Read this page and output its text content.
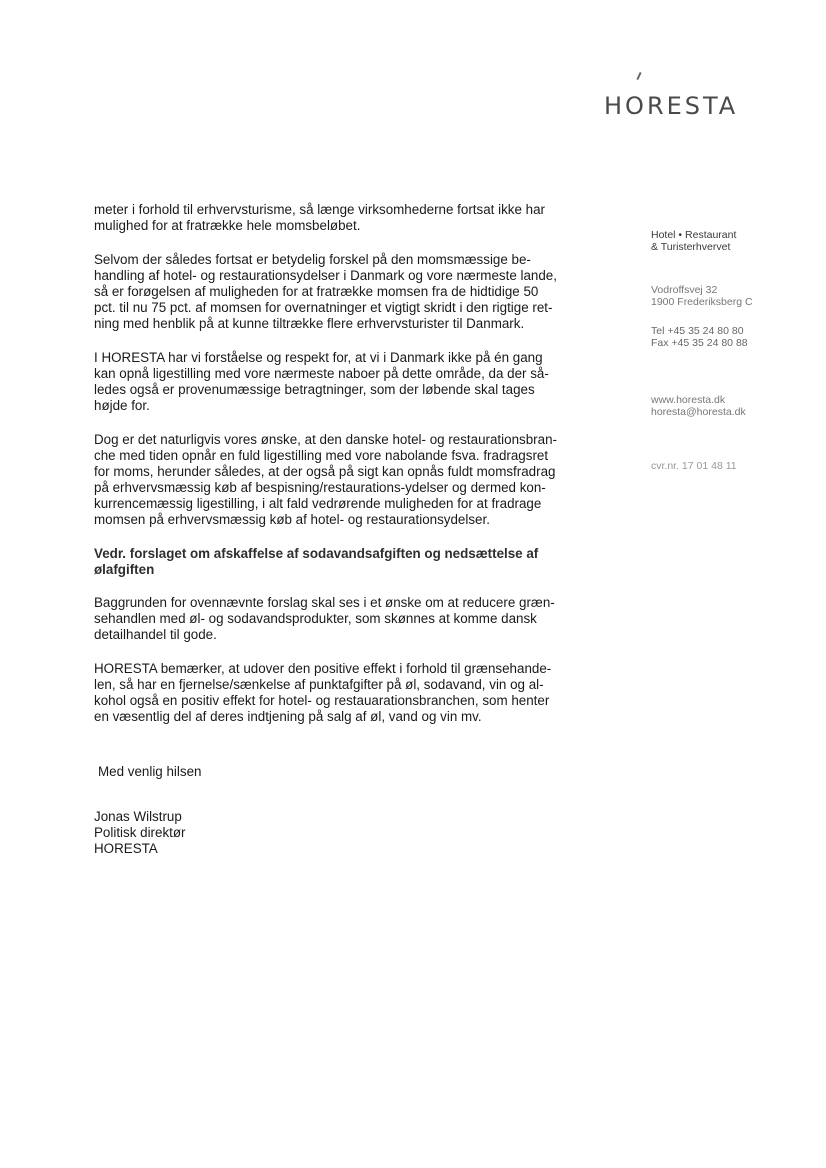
HORESTA

meter i forhold til erhvervsturisme, så længe virksomhederne fortsat ikke har
mulighed for at fratrække hele momsbeløbet.

Selvom der således fortsat er betydelig forskel på den momsmæssige be-
handling af hotel- og restaurationsydelser i Danmark og vore nærmeste lande,
så er forøgelsen af muligheden for at fratrække momsen fra de hidtidige 50
pct. til nu 75 pct. af momsen for overnatninger et vigtigt skridt i den rigtige ret-
ning med henblik på at kunne tiltrække flere erhvervsturister til Danmark.

I HORESTA har vi forståelse og respekt for, at vi i Danmark ikke på én gang
kan opnå ligestilling med vore nærmeste naboer på dette område, da der så-
ledes også er provenumæssige betragtninger, som der løbende skal tages
højde for.

Dog er det naturligvis vores ønske, at den danske hotel- og restaurationsbran-
che med tiden opnår en fuld ligestilling med vore nabolande fsva. fradragsret
for moms, herunder således, at der også på sigt kan opnås fuldt momsfradrag
på erhvervsmæssig køb af bespisning/restaurations-ydelser og dermed kon-
kurrencemæssig ligestilling, i alt fald vedrørende muligheden for at fradrage
momsen på erhvervsmæssig køb af hotel- og restaurationsydelser.

Vedr. forslaget om afskaffelse af sodavandsafgiften og nedsættelse af
ølafgiften

Baggrunden for ovennævnte forslag skal ses i et ønske om at reducere græn-
sehandlen med øl- og sodavandsprodukter, som skønnes at komme dansk
detailhandel til gode.

HORESTA bemærker, at udover den positive effekt i forhold til grænsehande-
len, så har en fjernelse/sænkelse af punktafgifter på øl, sodavand, vin og al-
kohol også en positiv effekt for hotel- og restauarationsbranchen, som henter
en væsentlig del af deres indtjening på salg af øl, vand og vin mv.

Med venlig hilsen
Jonas Wilstrup
Politisk direktør
HORESTA
Hotel • Restaurant
& Turisterhvervet
Vodroffsvej 32
1900 Frederiksberg C
Tel +45 35 24 80 80
Fax +45 35 24 80 88
www.horesta.dk
horesta@horesta.dk
cvr.nr. 17 01 48 11
